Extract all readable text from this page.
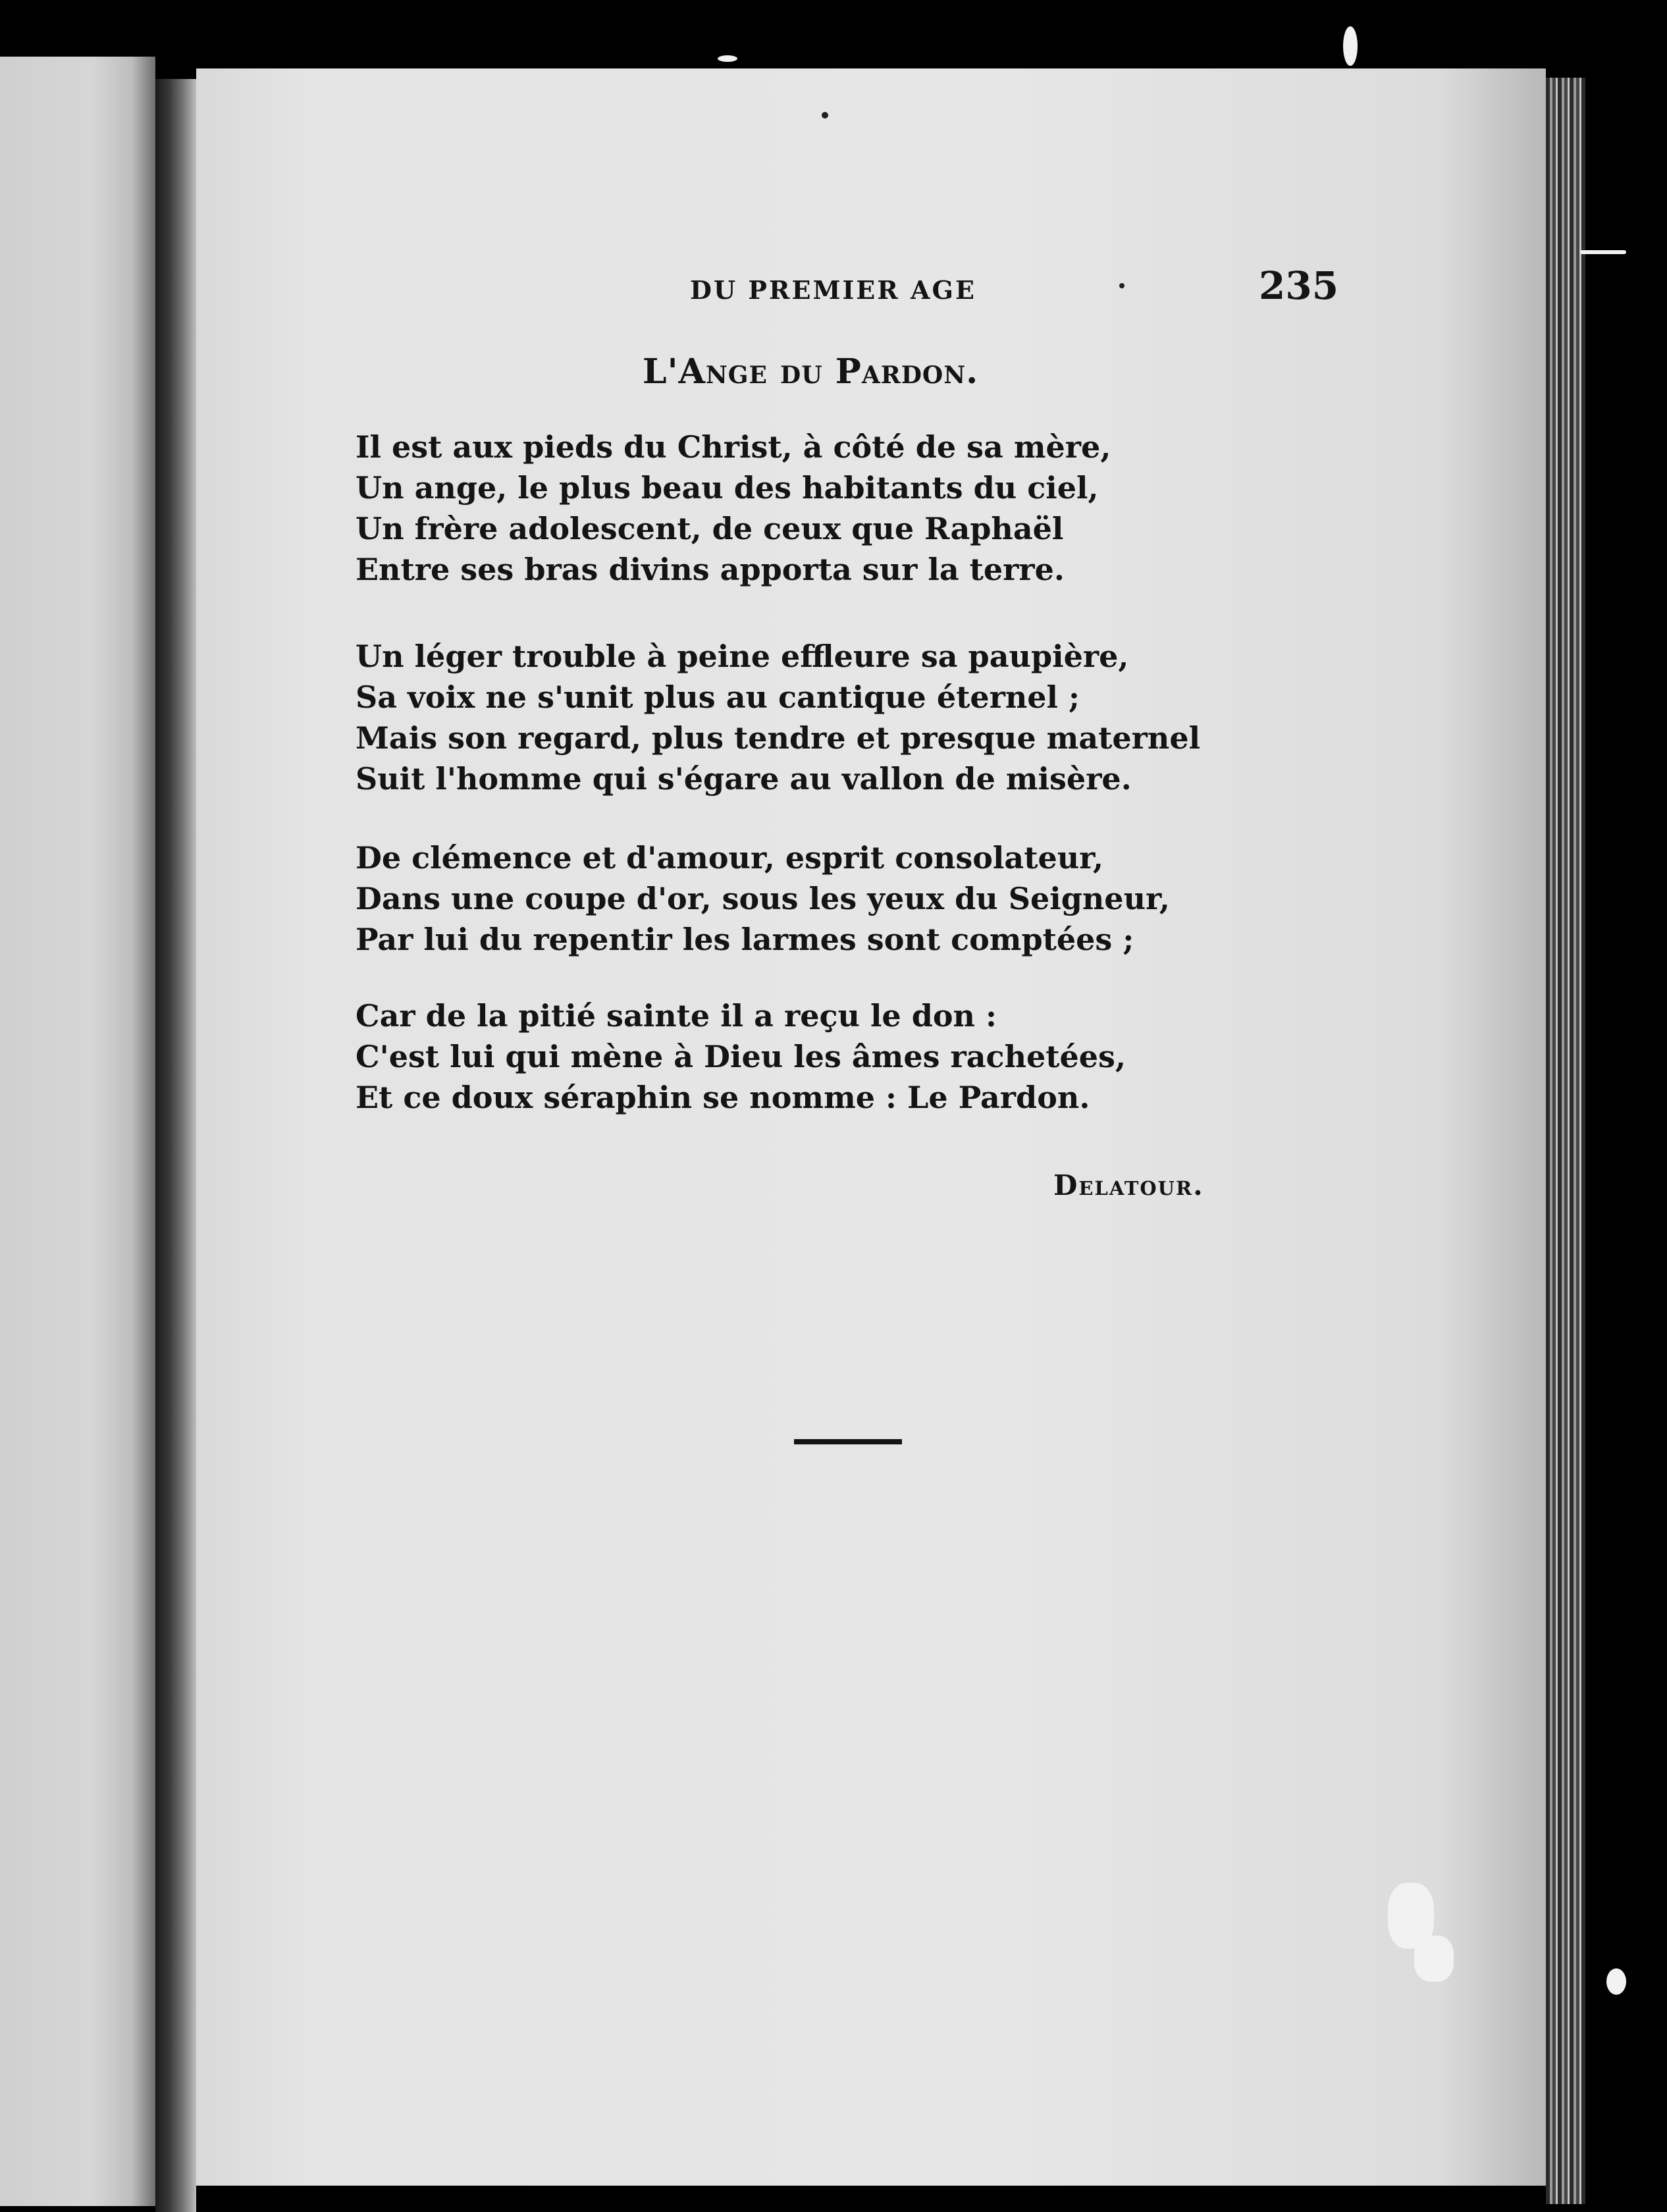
DU PREMIER AGE	235
L'Ange du Pardon.
Il est aux pieds du Christ, à côté de sa mère,
Un ange, le plus beau des habitants du ciel,
Un frère adolescent, de ceux que Raphaël
Entre ses bras divins apporta sur la terre.
Un léger trouble à peine effleure sa paupière,
Sa voix ne s'unit plus au cantique éternel ;
Mais son regard, plus tendre et presque maternel
Suit l'homme qui s'égare au vallon de misère.
De clémence et d'amour, esprit consolateur,
Dans une coupe d'or, sous les yeux du Seigneur,
Par lui du repentir les larmes sont comptées ;
Car de la pitié sainte il a reçu le don :
C'est lui qui mène à Dieu les âmes rachetées,
Et ce doux séraphin se nomme : Le Pardon.
Delatour.
